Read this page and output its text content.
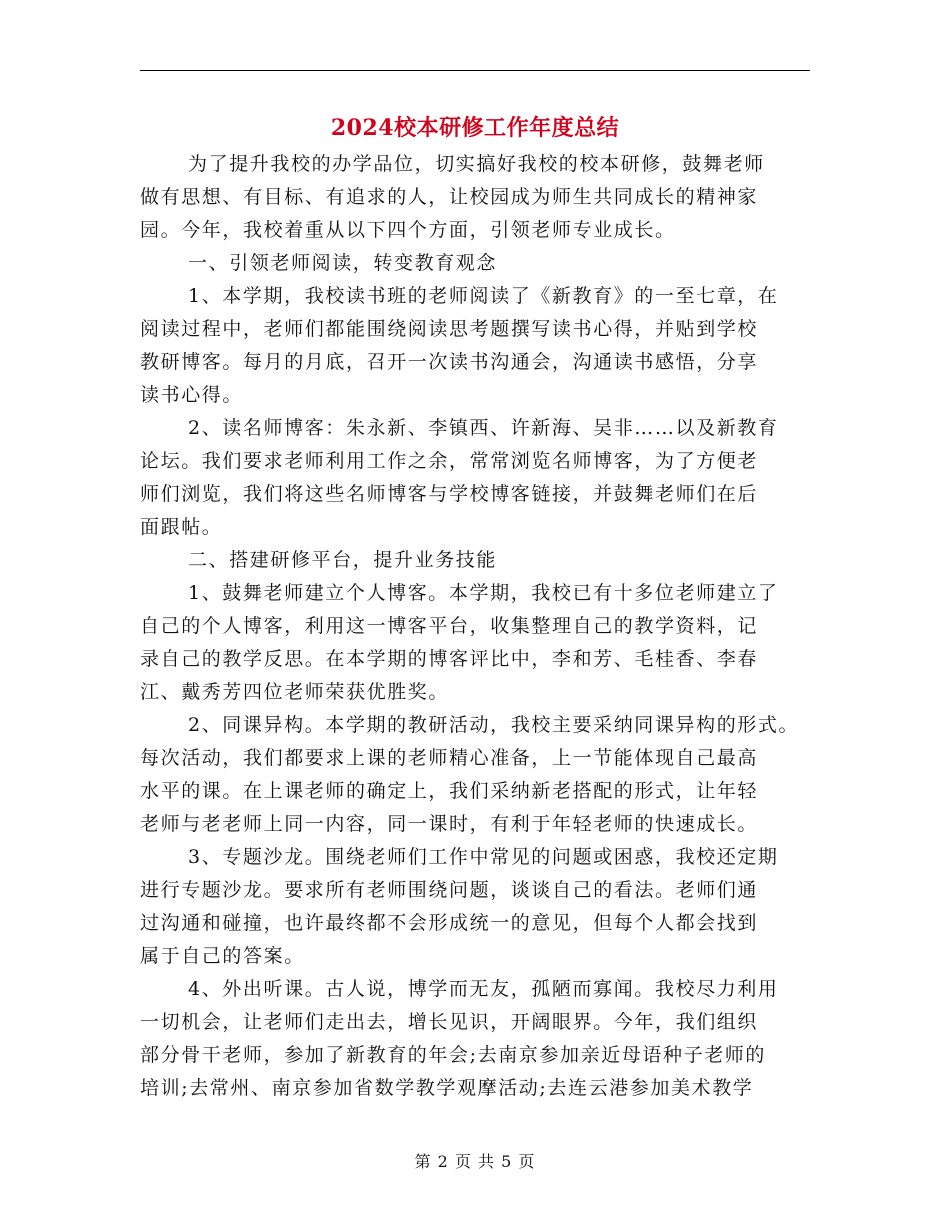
2024校本研修工作年度总结
为了提升我校的办学品位，切实搞好我校的校本研修，鼓舞老师
做有思想、有目标、有追求的人，让校园成为师生共同成长的精神家
园。今年，我校着重从以下四个方面，引领老师专业成长。
一、引领老师阅读，转变教育观念
1、本学期，我校读书班的老师阅读了《新教育》的一至七章，在
阅读过程中，老师们都能围绕阅读思考题撰写读书心得，并贴到学校
教研博客。每月的月底，召开一次读书沟通会，沟通读书感悟，分享
读书心得。
2、读名师博客：朱永新、李镇西、许新海、吴非……以及新教育
论坛。我们要求老师利用工作之余，常常浏览名师博客，为了方便老
师们浏览，我们将这些名师博客与学校博客链接，并鼓舞老师们在后
面跟帖。
二、搭建研修平台，提升业务技能
1、鼓舞老师建立个人博客。本学期，我校已有十多位老师建立了
自己的个人博客，利用这一博客平台，收集整理自己的教学资料，记
录自己的教学反思。在本学期的博客评比中，李和芳、毛桂香、李春
江、戴秀芳四位老师荣获优胜奖。
2、同课异构。本学期的教研活动，我校主要采纳同课异构的形式。
每次活动，我们都要求上课的老师精心准备，上一节能体现自己最高
水平的课。在上课老师的确定上，我们采纳新老搭配的形式，让年轻
老师与老老师上同一内容，同一课时，有利于年轻老师的快速成长。
3、专题沙龙。围绕老师们工作中常见的问题或困惑，我校还定期
进行专题沙龙。要求所有老师围绕问题，谈谈自己的看法。老师们通
过沟通和碰撞，也许最终都不会形成统一的意见，但每个人都会找到
属于自己的答案。
4、外出听课。古人说，博学而无友，孤陋而寡闻。我校尽力利用
一切机会，让老师们走出去，增长见识，开阔眼界。今年，我们组织
部分骨干老师，参加了新教育的年会;去南京参加亲近母语种子老师的
培训;去常州、南京参加省数学教学观摩活动;去连云港参加美术教学
第 2 页 共 5 页
